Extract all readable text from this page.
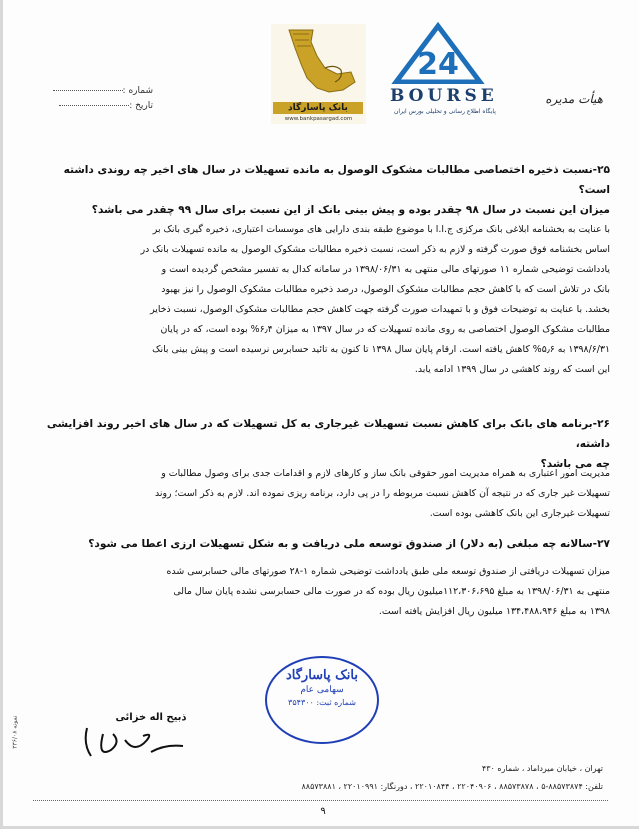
شماره :
تاریخ :	بانک پاسارگاد
www.bankpasargad.com
24
BOURSE
پایگاه اطلاع رسانی و تحلیلی بورس ایران
هیأت مدیره
۲۵-نسبت ذخیره اختصاصی مطالبات مشکوک الوصول به مانده تسهیلات در سال های اخیر چه روندی داشته است؟
میزان این نسبت در سال ۹۸ چقدر بوده و پیش بینی بانک از این نسبت برای سال ۹۹ چقدر می باشد؟
با عنایت به بخشنامه ابلاغی بانک مرکزی ج.ا.ا با موضوع طبقه بندی دارایی های موسسات اعتباری، ذخیره گیری بانک بر
اساس بخشنامه فوق صورت گرفته و لازم به ذکر است، نسبت ذخیره مطالبات مشکوک الوصول به مانده تسهیلات بانک در
یادداشت توضیحی شماره ۱۱ صورتهای مالی منتهی به ۱۳۹۸/۰۶/۳۱ در سامانه کدال به تفسیر مشخص گردیده است و
بانک در تلاش است که با کاهش حجم مطالبات مشکوک الوصول، درصد ذخیره مطالبات مشکوک الوصول را نیز بهبود
بخشد. با عنایت به توضیحات فوق و با تمهیدات صورت گرفته جهت کاهش حجم مطالبات مشکوک الوصول، نسبت ذخایر
مطالبات مشکوک الوصول اختصاصی به روی مانده تسهیلات که در سال ۱۳۹۷ به میزان ۶٫۴% بوده است، که در پایان
۱۳۹۸/۶/۳۱ به ۵٫۶% کاهش یافته است. ارقام پایان سال ۱۳۹۸ تا کنون به تائید حسابرس نرسیده است و پیش بینی بانک
این است که روند کاهشی در سال ۱۳۹۹ ادامه یابد.
۲۶-برنامه های بانک برای کاهش نسبت تسهیلات غیرجاری به کل تسهیلات که در سال های اخیر روند افزایشی داشته،
چه می باشد؟
مدیریت امور اعتباری به همراه مدیریت امور حقوقی بانک ساز و کارهای لازم و اقدامات جدی برای وصول مطالبات و
تسهیلات غیر جاری که در نتیجه آن کاهش نسبت مربوطه را در پی دارد، برنامه ریزی نموده اند. لازم به ذکر است؛ روند
تسهیلات غیرجاری این بانک کاهشی بوده است.
۲۷-سالانه چه مبلغی (به دلار) از صندوق توسعه ملی دریافت و به شکل تسهیلات ارزی اعطا می شود؟
میزان تسهیلات دریافتی از صندوق توسعه ملی طبق یادداشت توضیحی شماره ۱-۲۸ صورتهای مالی حسابرسی شده
منتهی به ۱۳۹۸/۰۶/۳۱ به مبلغ ۱۱۲،۳۰۶،۶۹۵میلیون ریال بوده که در صورت مالی حسابرسی نشده پایان سال مالی
۱۳۹۸ به مبلغ ۱۳۴،۴۸۸،۹۴۶ میلیون ریال افزایش یافته است.
بانک پاسارگاد
سهامی عام
شماره ثبت: ۳۵۴۳۰۰
ذبیح اله خزائی
نمونه ۳۳۶/۰۸
تهران ، خیابان میرداماد ، شماره ۴۳۰
تلفن: ۸۸۵۷۳۸۷۴-۵ ، ۸۸۵۷۳۸۷۸ ، ۲۲۰۴۰۹۰۶ ، ۲۲۰۱۰۸۴۴ ، دورنگار: ۲۲۰۱۰۹۹۱ ، ۸۸۵۷۳۸۸۱
۹
